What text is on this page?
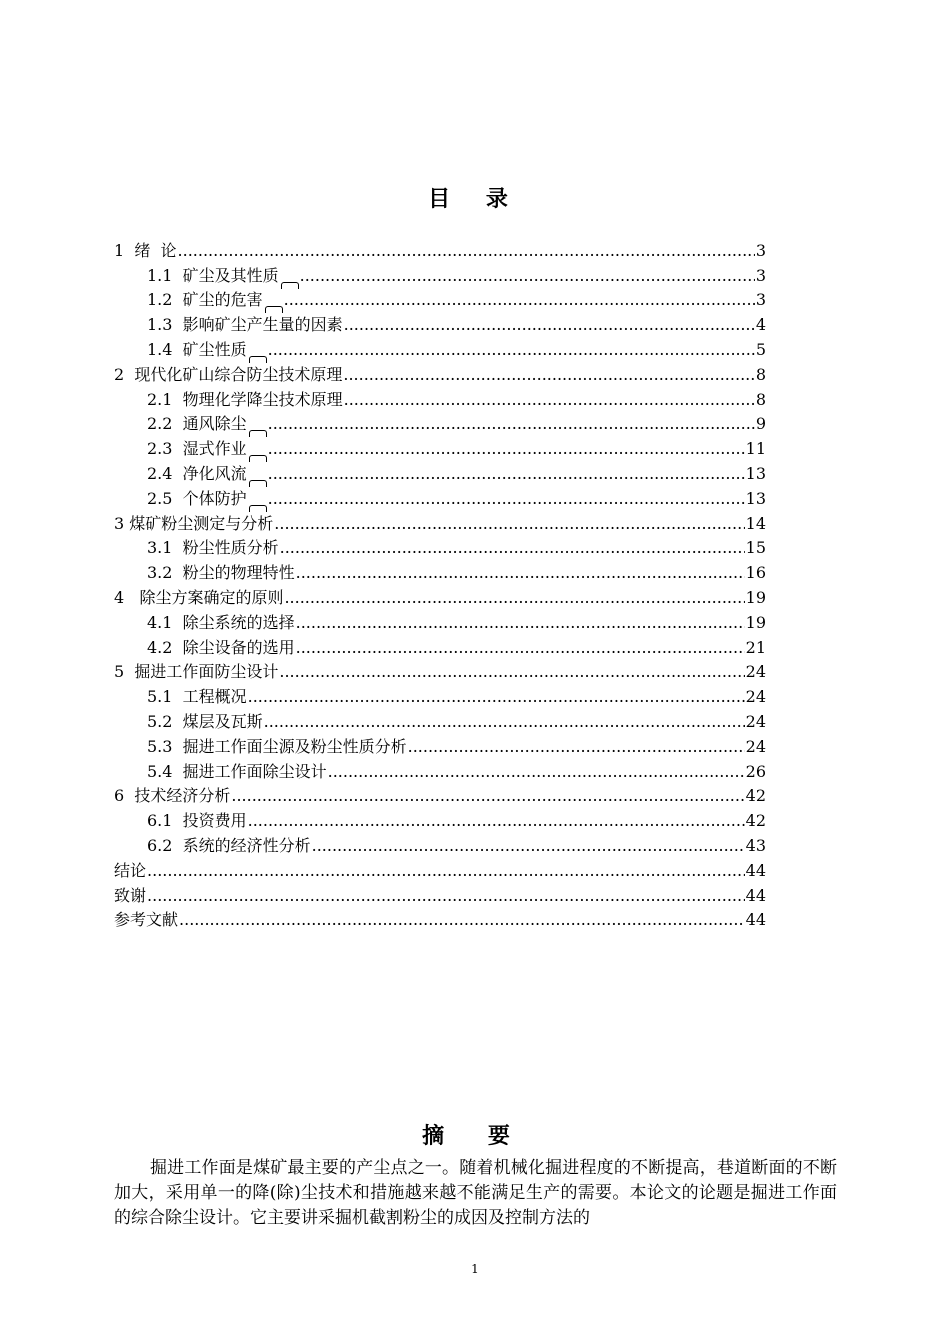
目 录
1  绪  论 .....	3
1.1  矿尘及其性质 .....	3
1.2  矿尘的危害 .....	3
1.3  影响矿尘产生量的因素 .....	4
1.4  矿尘性质 .....	5
2  现代化矿山综合防尘技术原理 .....	8
2.1  物理化学降尘技术原理 .....	8
2.2  通风除尘 .....	9
2.3  湿式作业 .....	11
2.4  净化风流 .....	13
2.5  个体防护 .....	13
3 煤矿粉尘测定与分析 .....	14
3.1  粉尘性质分析 .....	15
3.2  粉尘的物理特性 .....	16
4   除尘方案确定的原则 .....	19
4.1  除尘系统的选择 .....	19
4.2  除尘设备的选用 .....	21
5  掘进工作面防尘设计 .....	24
5.1  工程概况 .....	24
5.2  煤层及瓦斯 .....	24
5.3  掘进工作面尘源及粉尘性质分析 .....	24
5.4  掘进工作面除尘设计 .....	26
6  技术经济分析 .....	42
6.1  投资费用 .....	42
6.2  系统的经济性分析 .....	43
结论 .....	44
致谢 .....	44
参考文献 .....	44
摘 要
掘进工作面是煤矿最主要的产尘点之一。随着机械化掘进程度的不断提高，巷道断面的不断加大，采用单一的降(除)尘技术和措施越来越不能满足生产的需要。本论文的论题是掘进工作面的综合除尘设计。它主要讲采掘机截割粉尘的成因及控制方法的
1
